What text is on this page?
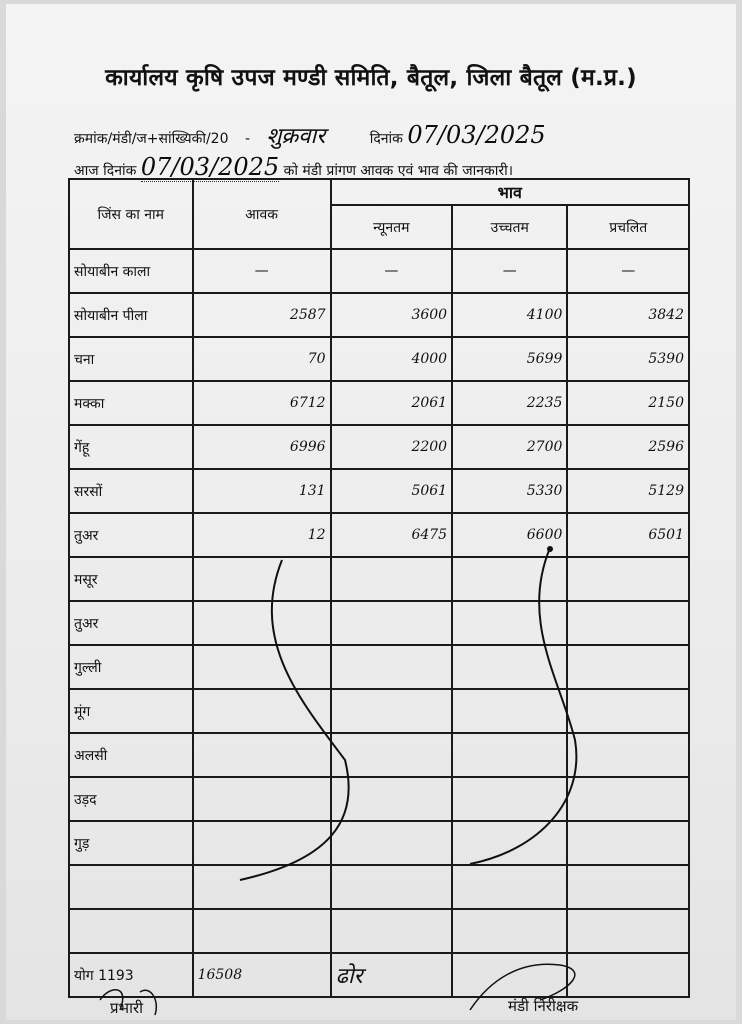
कार्यालय कृषि उपज मण्डी समिति, बैतूल, जिला बैतूल (म.प्र.)
क्रमांक/मंडी/ज+सांख्यिकी/20 - शुक्रवार	दिनांक 07/03/2025
आज दिनांक 07/03/2025 को मंडी प्रांगण आवक एवं भाव की जानकारी।
जिंस का नाम	आवक	भाव		
		न्यूनतम	उच्चतम	प्रचलित
सोयाबीन काला	—	—	—	—
सोयाबीन पीला	2587	3600	4100	3842
चना	70	4000	5699	5390
मक्का	6712	2061	2235	2150
गेंहू	6996	2200	2700	2596
सरसों	131	5061	5330	5129
तुअर	12	6475	6600	6501
मसूर				
तुअर				
गुल्ली				
मूंग				
अलसी				
उड़द				
गुड़				

योग 1193	16508	ढोर		
प्रभारी	मंडी निरीक्षक
